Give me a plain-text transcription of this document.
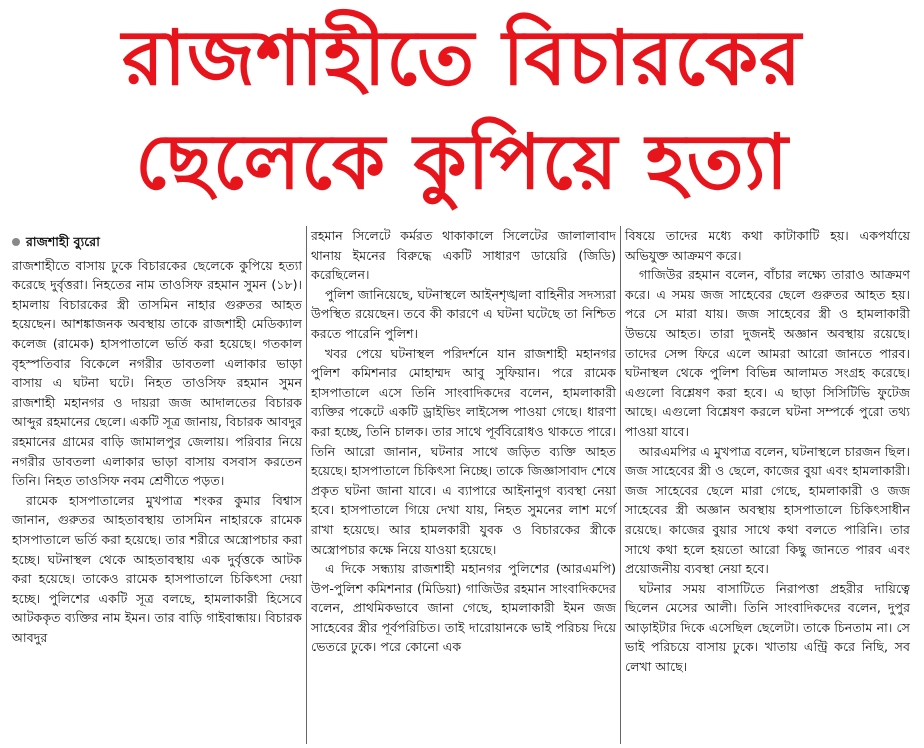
রাজশাহীতে বিচারকের
ছেলেকে কুপিয়ে হত্যা
রাজশাহী ব্যুরো

রাজশাহীতে বাসায় ঢুকে বিচারকের ছেলেকে কুপিয়ে হত্যা করেছে দুর্বৃত্তরা। নিহতের নাম তাওসিফ রহমান সুমন (১৮)। হামলায় বিচারকের স্ত্রী তাসমিন নাহার গুরুতর আহত হয়েছেন। আশঙ্কাজনক অবস্থায় তাকে রাজশাহী মেডিক্যাল কলেজ (রামেক) হাসপাতালে ভর্তি করা হয়েছে। গতকাল বৃহস্পতিবার বিকেলে নগরীর ডাবতলা এলাকার ভাড়া বাসায় এ ঘটনা ঘটে। নিহত তাওসিফ রহমান সুমন রাজশাহী মহানগর ও দায়রা জজ আদালতের বিচারক আব্দুর রহমানের ছেলে। একটি সূত্র জানায়, বিচারক আবদুর রহমানের গ্রামের বাড়ি জামালপুর জেলায়। পরিবার নিয়ে নগরীর ডাবতলা এলাকার ভাড়া বাসায় বসবাস করতেন তিনি। নিহত তাওসিফ নবম শ্রেণীতে পড়ত।

রামেক হাসপাতালের মুখপাত্র শংকর কুমার বিশ্বাস জানান, গুরুতর আহতাবস্থায় তাসমিন নাহারকে রামেক হাসপাতালে ভর্তি করা হয়েছে। তার শরীরে অস্ত্রোপচার করা হচ্ছে। ঘটনাস্থল থেকে আহতাবস্থায় এক দুর্বৃত্তকে আটক করা হয়েছে। তাকেও রামেক হাসপাতালে চিকিৎসা দেয়া হচ্ছে। পুলিশের একটি সূত্র বলছে, হামলাকারী হিসেবে আটককৃত ব্যক্তির নাম ইমন। তার বাড়ি গাইবান্ধায়। বিচারক আবদুর

রহমান সিলেটে কর্মরত থাকাকালে সিলেটের জালালাবাদ থানায় ইমনের বিরুদ্ধে একটি সাধারণ ডায়েরি (জিডি) করেছিলেন।

পুলিশ জানিয়েছে, ঘটনাস্থলে আইনশৃঙ্খলা বাহিনীর সদস্যরা উপস্থিত রয়েছেন। তবে কী কারণে এ ঘটনা ঘটেছে তা নিশ্চিত করতে পারেনি পুলিশ।

খবর পেয়ে ঘটনাস্থল পরিদর্শনে যান রাজশাহী মহানগর পুলিশ কমিশনার মোহাম্মদ আবু সুফিয়ান। পরে রামেক হাসপাতালে এসে তিনি সাংবাদিকদের বলেন, হামলাকারী ব্যক্তির পকেটে একটি ড্রাইভিং লাইসেন্স পাওয়া গেছে। ধারণা করা হচ্ছে, তিনি চালক। তার সাথে পূর্ববিরোধও থাকতে পারে। তিনি আরো জানান, ঘটনার সাথে জড়িত ব্যক্তি আহত হয়েছে। হাসপাতালে চিকিৎসা নিচ্ছে। তাকে জিজ্ঞাসাবাদ শেষে প্রকৃত ঘটনা জানা যাবে। এ ব্যাপারে আইনানুগ ব্যবস্থা নেয়া হবে। হাসপাতালে গিয়ে দেখা যায়, নিহত সুমনের লাশ মর্গে রাখা হয়েছে। আর হামলকারী যুবক ও বিচারকের স্ত্রীকে অস্ত্রোপচার কক্ষে নিয়ে যাওয়া হয়েছে।

এ দিকে সন্ধ্যায় রাজশাহী মহানগর পুলিশের (আরএমপি) উপ-পুলিশ কমিশনার (মিডিয়া) গাজিউর রহমান সাংবাদিকদের বলেন, প্রাথমিকভাবে জানা গেছে, হামলাকারী ইমন জজ সাহেবের স্ত্রীর পূর্বপরিচিত। তাই দারোয়ানকে ভাই পরিচয় দিয়ে ভেতরে ঢুকে। পরে কোনো এক

বিষয়ে তাদের মধ্যে কথা কাটাকাটি হয়। একপর্যায়ে অভিযুক্ত আক্রমণ করে।

গাজিউর রহমান বলেন, বাঁচার লক্ষ্যে তারাও আক্রমণ করে। এ সময় জজ সাহেবের ছেলে গুরুতর আহত হয়। পরে সে মারা যায়। জজ সাহেবের স্ত্রী ও হামলাকারী উভয়ে আহত। তারা দুজনই অজ্ঞান অবস্থায় রয়েছে। তাদের সেন্স ফিরে এলে আমরা আরো জানতে পারব। ঘটনাস্থল থেকে পুলিশ বিভিন্ন আলামত সংগ্রহ করেছে। এগুলো বিশ্লেষণ করা হবে। এ ছাড়া সিসিটিভি ফুটেজ আছে। এগুলো বিশ্লেষণ করলে ঘটনা সম্পর্কে পুরো তথ্য পাওয়া যাবে।

আরএমপির এ মুখপাত্র বলেন, ঘটনাস্থলে চারজন ছিল। জজ সাহেবের স্ত্রী ও ছেলে, কাজের বুয়া এবং হামলাকারী। জজ সাহেবের ছেলে মারা গেছে, হামলাকারী ও জজ সাহেবের স্ত্রী অজ্ঞান অবস্থায় হাসপাতালে চিকিৎসাধীন রয়েছে। কাজের বুয়ার সাথে কথা বলতে পারিনি। তার সাথে কথা হলে হয়তো আরো কিছু জানতে পারব এবং প্রয়োজনীয় ব্যবস্থা নেয়া হবে।

ঘটনার সময় বাসাটিতে নিরাপত্তা প্রহরীর দায়িত্বে ছিলেন মেসের আলী। তিনি সাংবাদিকদের বলেন, দুপুর আড়াইটার দিকে এসেছিল ছেলেটা। তাকে চিনতাম না। সে ভাই পরিচয়ে বাসায় ঢুকে। খাতায় এন্ট্রি করে নিছি, সব লেখা আছে।
